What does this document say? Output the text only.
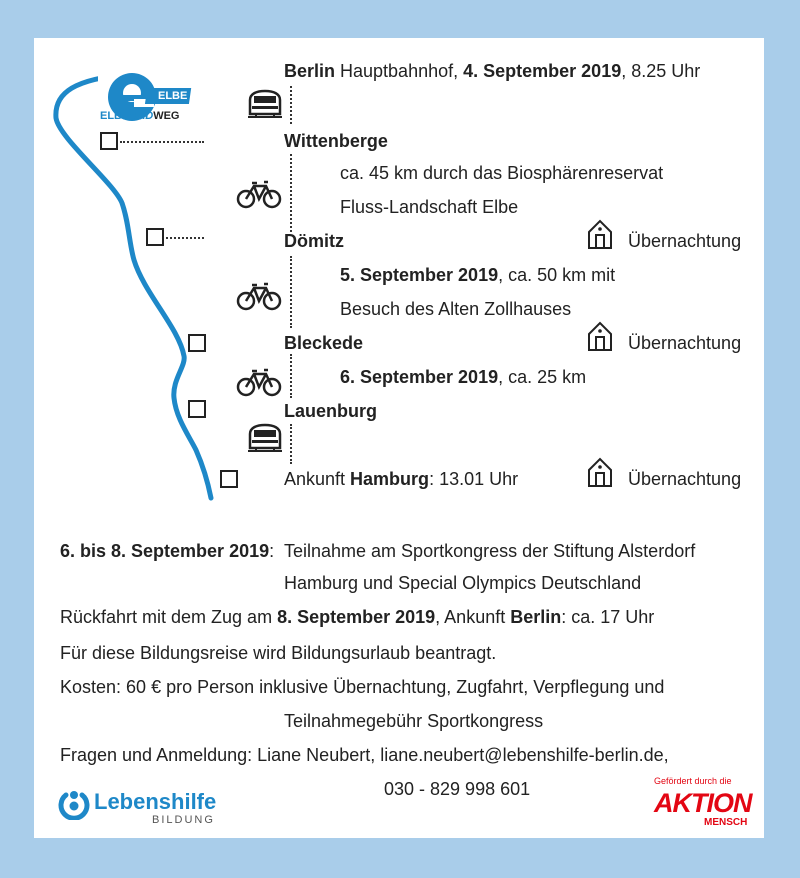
ELBE
ELBERADWEG
Berlin Hauptbahnhof, 4. September 2019, 8.25 Uhr
Wittenberge
ca. 45 km durch das Biosphärenreservat
Fluss-Landschaft Elbe
Dömitz
5. September 2019, ca. 50 km mit
Besuch des Alten Zollhauses
Bleckede
6. September 2019, ca. 25 km
Lauenburg
Ankunft Hamburg: 13.01 Uhr
Übernachtung
Übernachtung
Übernachtung
6. bis 8. September 2019: Teilnahme am Sportkongress der Stiftung Alsterdorf
Hamburg und Special Olympics Deutschland
Rückfahrt mit dem Zug am 8. September 2019, Ankunft Berlin: ca. 17 Uhr
Für diese Bildungsreise wird Bildungsurlaub beantragt.
Kosten: 60 € pro Person inklusive Übernachtung, Zugfahrt, Verpflegung und
Teilnahmegebühr Sportkongress
Fragen und Anmeldung: Liane Neubert, liane.neubert@lebenshilfe-berlin.de,
030 - 829 998 601
Lebenshilfe
BILDUNG
Gefördert durch die
AKTION
MENSCH
